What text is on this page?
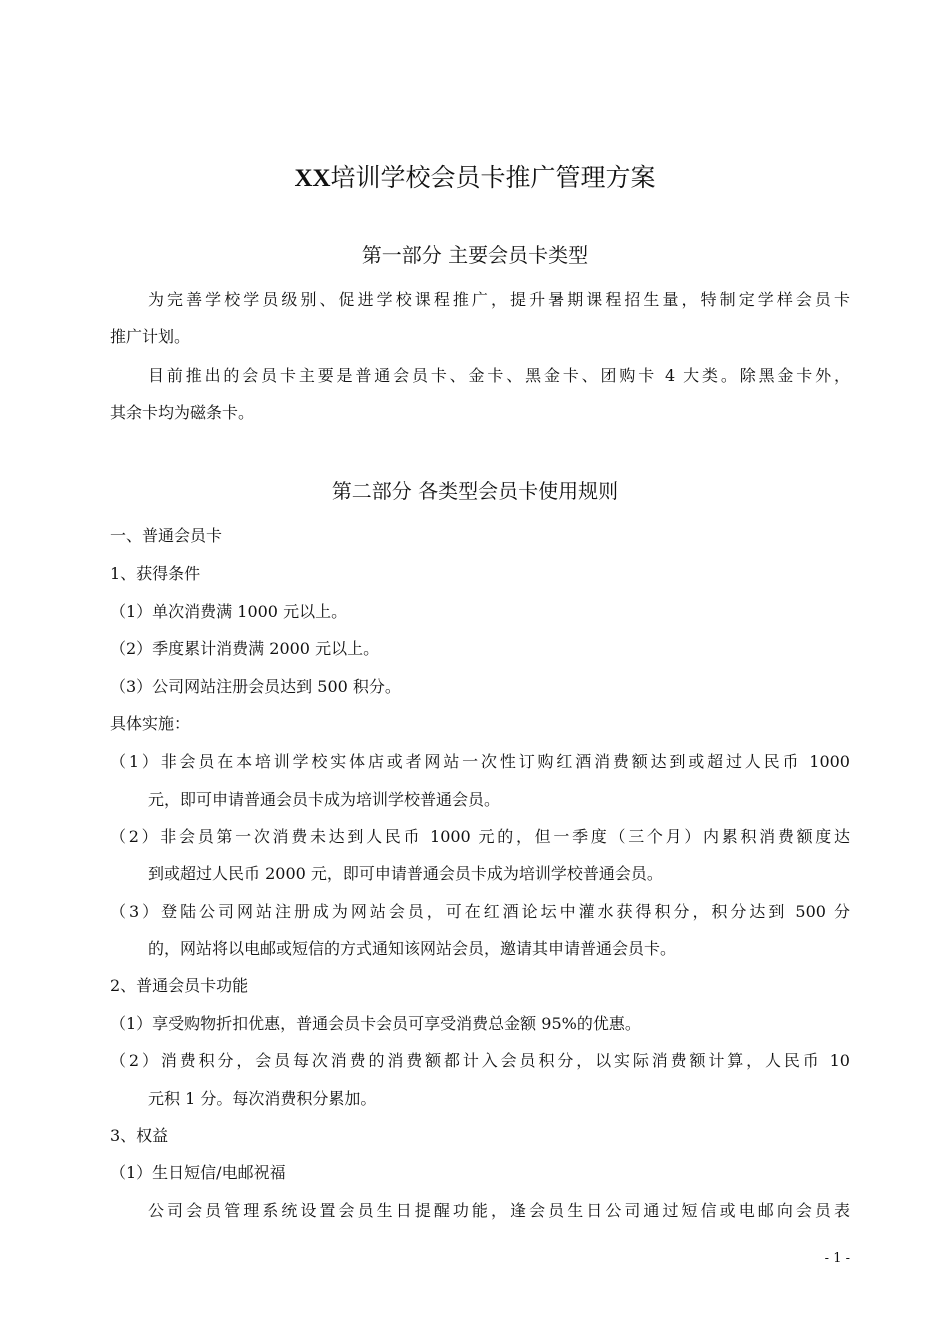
XX培训学校会员卡推广管理方案
第一部分 主要会员卡类型
为完善学校学员级别、促进学校课程推广，提升暑期课程招生量，特制定学样会员卡
推广计划。
目前推出的会员卡主要是普通会员卡、金卡、黑金卡、团购卡 4 大类。除黑金卡外，
其余卡均为磁条卡。
第二部分 各类型会员卡使用规则
一、普通会员卡
1、获得条件
（1）单次消费满 1000 元以上。
（2）季度累计消费满 2000 元以上。
（3）公司网站注册会员达到 500 积分。
具体实施：
（1）非会员在本培训学校实体店或者网站一次性订购红酒消费额达到或超过人民币 1000
元，即可申请普通会员卡成为培训学校普通会员。
（2）非会员第一次消费未达到人民币 1000 元的，但一季度（三个月）内累积消费额度达
到或超过人民币 2000 元，即可申请普通会员卡成为培训学校普通会员。
（3）登陆公司网站注册成为网站会员，可在红酒论坛中灌水获得积分，积分达到 500 分
的，网站将以电邮或短信的方式通知该网站会员，邀请其申请普通会员卡。
2、普通会员卡功能
（1）享受购物折扣优惠，普通会员卡会员可享受消费总金额 95%的优惠。
（2）消费积分，会员每次消费的消费额都计入会员积分，以实际消费额计算，人民币 10
元积 1 分。每次消费积分累加。
3、权益
（1）生日短信/电邮祝福
公司会员管理系统设置会员生日提醒功能，逢会员生日公司通过短信或电邮向会员表
- 1 -
